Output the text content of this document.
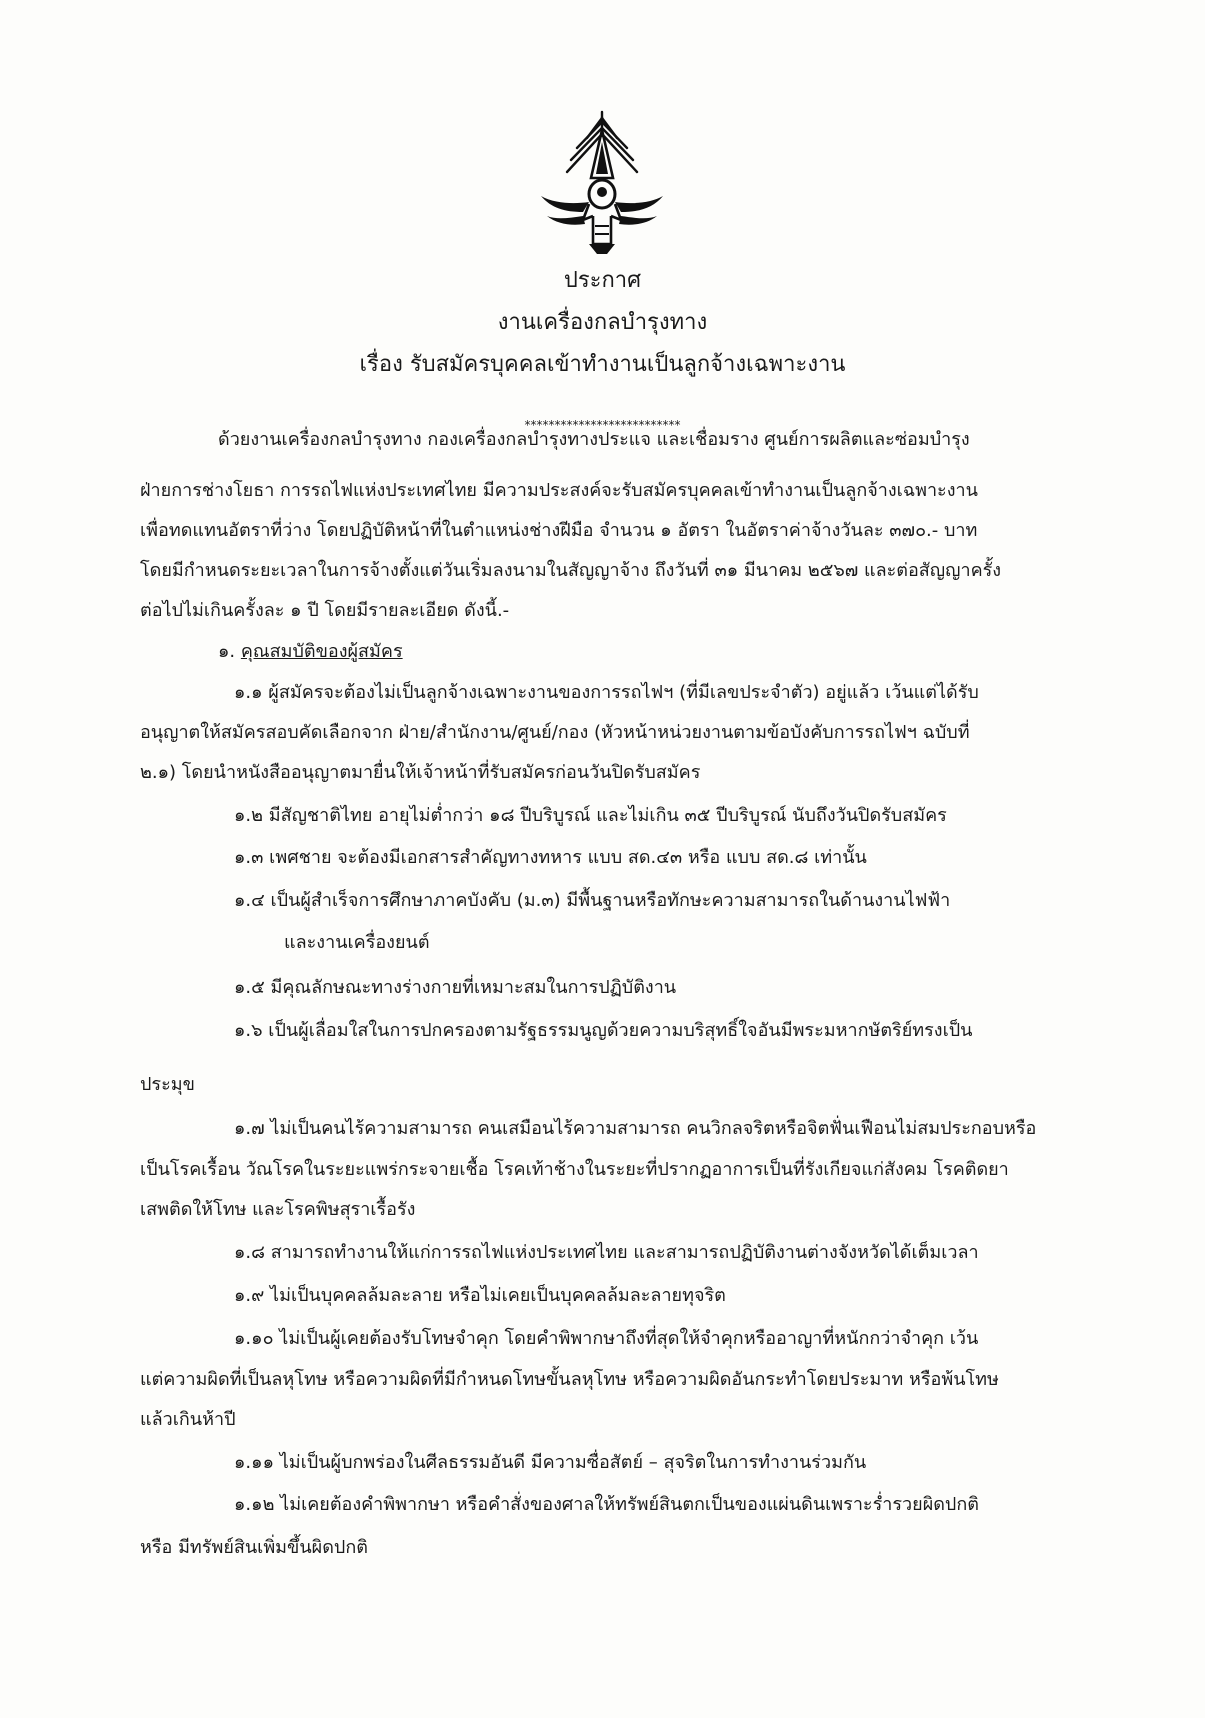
ประกาศ
งานเครื่องกลบำรุงทาง
เรื่อง รับสมัครบุคคลเข้าทำงานเป็นลูกจ้างเฉพาะงาน
**************************
ด้วยงานเครื่องกลบำรุงทาง กองเครื่องกลบำรุงทางประแจ และเชื่อมราง ศูนย์การผลิตและซ่อมบำรุง
ฝ่ายการช่างโยธา การรถไฟแห่งประเทศไทย มีความประสงค์จะรับสมัครบุคคลเข้าทำงานเป็นลูกจ้างเฉพาะงาน
เพื่อทดแทนอัตราที่ว่าง โดยปฏิบัติหน้าที่ในตำแหน่งช่างฝีมือ จำนวน ๑ อัตรา ในอัตราค่าจ้างวันละ ๓๗๐.- บาท
โดยมีกำหนดระยะเวลาในการจ้างตั้งแต่วันเริ่มลงนามในสัญญาจ้าง ถึงวันที่ ๓๑ มีนาคม ๒๕๖๗ และต่อสัญญาครั้ง
ต่อไปไม่เกินครั้งละ ๑ ปี โดยมีรายละเอียด ดังนี้.-
๑. คุณสมบัติของผู้สมัคร
๑.๑ ผู้สมัครจะต้องไม่เป็นลูกจ้างเฉพาะงานของการรถไฟฯ (ที่มีเลขประจำตัว) อยู่แล้ว เว้นแต่ได้รับ
อนุญาตให้สมัครสอบคัดเลือกจาก ฝ่าย/สำนักงาน/ศูนย์/กอง (หัวหน้าหน่วยงานตามข้อบังคับการรถไฟฯ ฉบับที่
๒.๑) โดยนำหนังสืออนุญาตมายื่นให้เจ้าหน้าที่รับสมัครก่อนวันปิดรับสมัคร
๑.๒ มีสัญชาติไทย อายุไม่ต่ำกว่า ๑๘ ปีบริบูรณ์ และไม่เกิน ๓๕ ปีบริบูรณ์ นับถึงวันปิดรับสมัคร
๑.๓ เพศชาย จะต้องมีเอกสารสำคัญทางทหาร แบบ สด.๔๓ หรือ แบบ สด.๘ เท่านั้น
๑.๔ เป็นผู้สำเร็จการศึกษาภาคบังคับ (ม.๓) มีพื้นฐานหรือทักษะความสามารถในด้านงานไฟฟ้า
และงานเครื่องยนต์
๑.๕ มีคุณลักษณะทางร่างกายที่เหมาะสมในการปฏิบัติงาน
๑.๖ เป็นผู้เลื่อมใสในการปกครองตามรัฐธรรมนูญด้วยความบริสุทธิ์ใจอันมีพระมหากษัตริย์ทรงเป็น
ประมุข
๑.๗ ไม่เป็นคนไร้ความสามารถ คนเสมือนไร้ความสามารถ คนวิกลจริตหรือจิตฟั่นเฟือนไม่สมประกอบหรือ
เป็นโรคเรื้อน วัณโรคในระยะแพร่กระจายเชื้อ โรคเท้าช้างในระยะที่ปรากฏอาการเป็นที่รังเกียจแก่สังคม โรคติดยา
เสพติดให้โทษ และโรคพิษสุราเรื้อรัง
๑.๘ สามารถทำงานให้แก่การรถไฟแห่งประเทศไทย และสามารถปฏิบัติงานต่างจังหวัดได้เต็มเวลา
๑.๙ ไม่เป็นบุคคลล้มละลาย หรือไม่เคยเป็นบุคคลล้มละลายทุจริต
๑.๑๐ ไม่เป็นผู้เคยต้องรับโทษจำคุก โดยคำพิพากษาถึงที่สุดให้จำคุกหรืออาญาที่หนักกว่าจำคุก เว้น
แต่ความผิดที่เป็นลหุโทษ หรือความผิดที่มีกำหนดโทษขั้นลหุโทษ หรือความผิดอันกระทำโดยประมาท หรือพ้นโทษ
แล้วเกินห้าปี
๑.๑๑ ไม่เป็นผู้บกพร่องในศีลธรรมอันดี มีความซื่อสัตย์ – สุจริตในการทำงานร่วมกัน
๑.๑๒ ไม่เคยต้องคำพิพากษา หรือคำสั่งของศาลให้ทรัพย์สินตกเป็นของแผ่นดินเพราะร่ำรวยผิดปกติ
หรือ มีทรัพย์สินเพิ่มขึ้นผิดปกติ
